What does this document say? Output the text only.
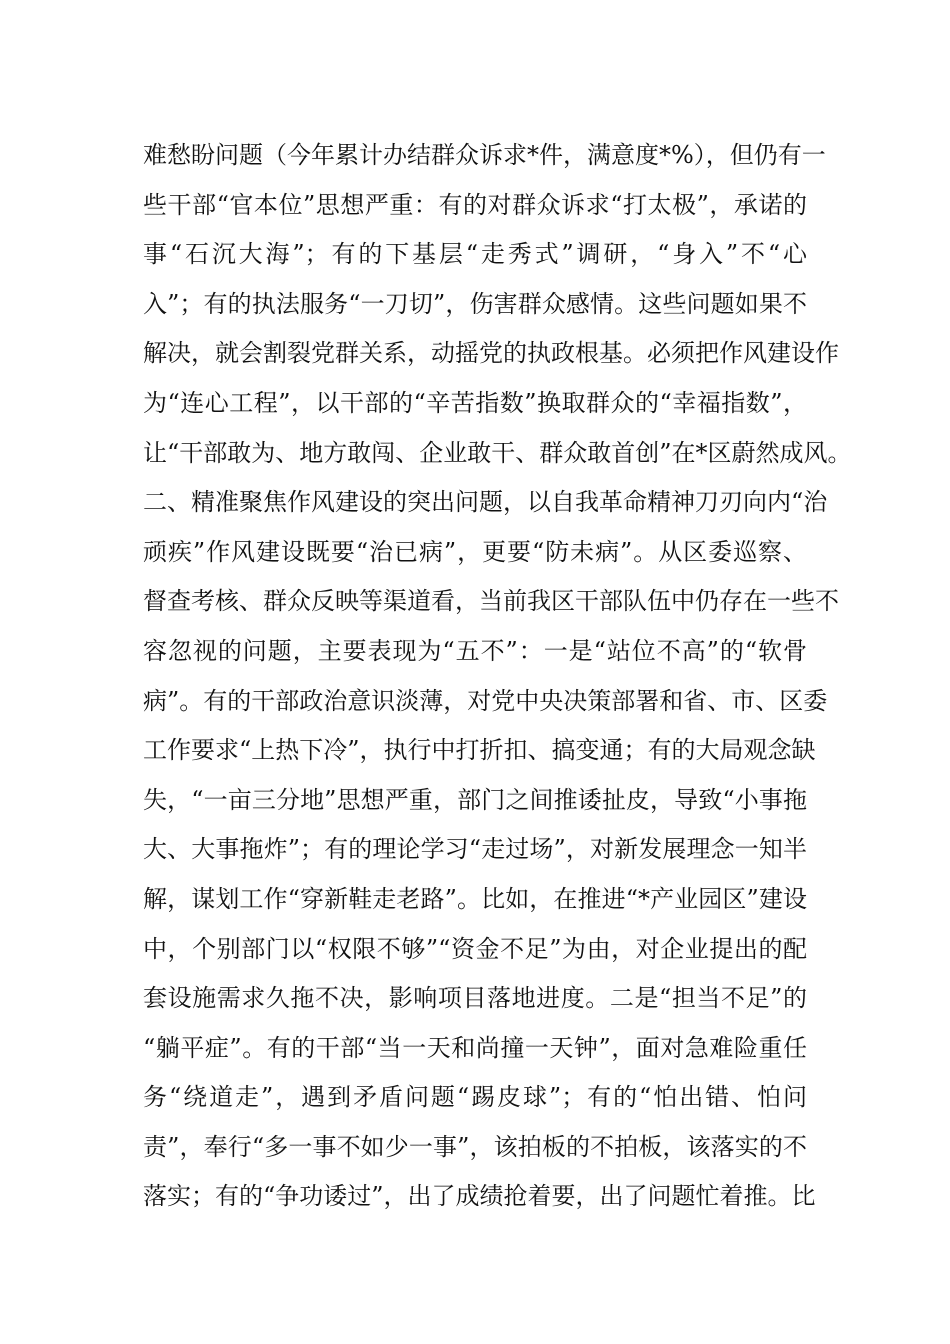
难愁盼问题（今年累计办结群众诉求*件，满意度*%），但仍有一
些干部“官本位”思想严重：有的对群众诉求“打太极”，承诺的
事“石沉大海”；有的下基层“走秀式”调研，“身入”不“心
入”；有的执法服务“一刀切”，伤害群众感情。这些问题如果不
解决，就会割裂党群关系，动摇党的执政根基。必须把作风建设作
为“连心工程”，以干部的“辛苦指数”换取群众的“幸福指数”，
让“干部敢为、地方敢闯、企业敢干、群众敢首创”在*区蔚然成风。
二、精准聚焦作风建设的突出问题，以自我革命精神刀刃向内“治
顽疾”作风建设既要“治已病”，更要“防未病”。从区委巡察、
督查考核、群众反映等渠道看，当前我区干部队伍中仍存在一些不
容忽视的问题，主要表现为“五不”：一是“站位不高”的“软骨
病”。有的干部政治意识淡薄，对党中央决策部署和省、市、区委
工作要求“上热下冷”，执行中打折扣、搞变通；有的大局观念缺
失，“一亩三分地”思想严重，部门之间推诿扯皮，导致“小事拖
大、大事拖炸”；有的理论学习“走过场”，对新发展理念一知半
解，谋划工作“穿新鞋走老路”。比如，在推进“*产业园区”建设
中，个别部门以“权限不够”“资金不足”为由，对企业提出的配
套设施需求久拖不决，影响项目落地进度。二是“担当不足”的
“躺平症”。有的干部“当一天和尚撞一天钟”，面对急难险重任
务“绕道走”，遇到矛盾问题“踢皮球”；有的“怕出错、怕问
责”，奉行“多一事不如少一事”，该拍板的不拍板，该落实的不
落实；有的“争功诿过”，出了成绩抢着要，出了问题忙着推。比
